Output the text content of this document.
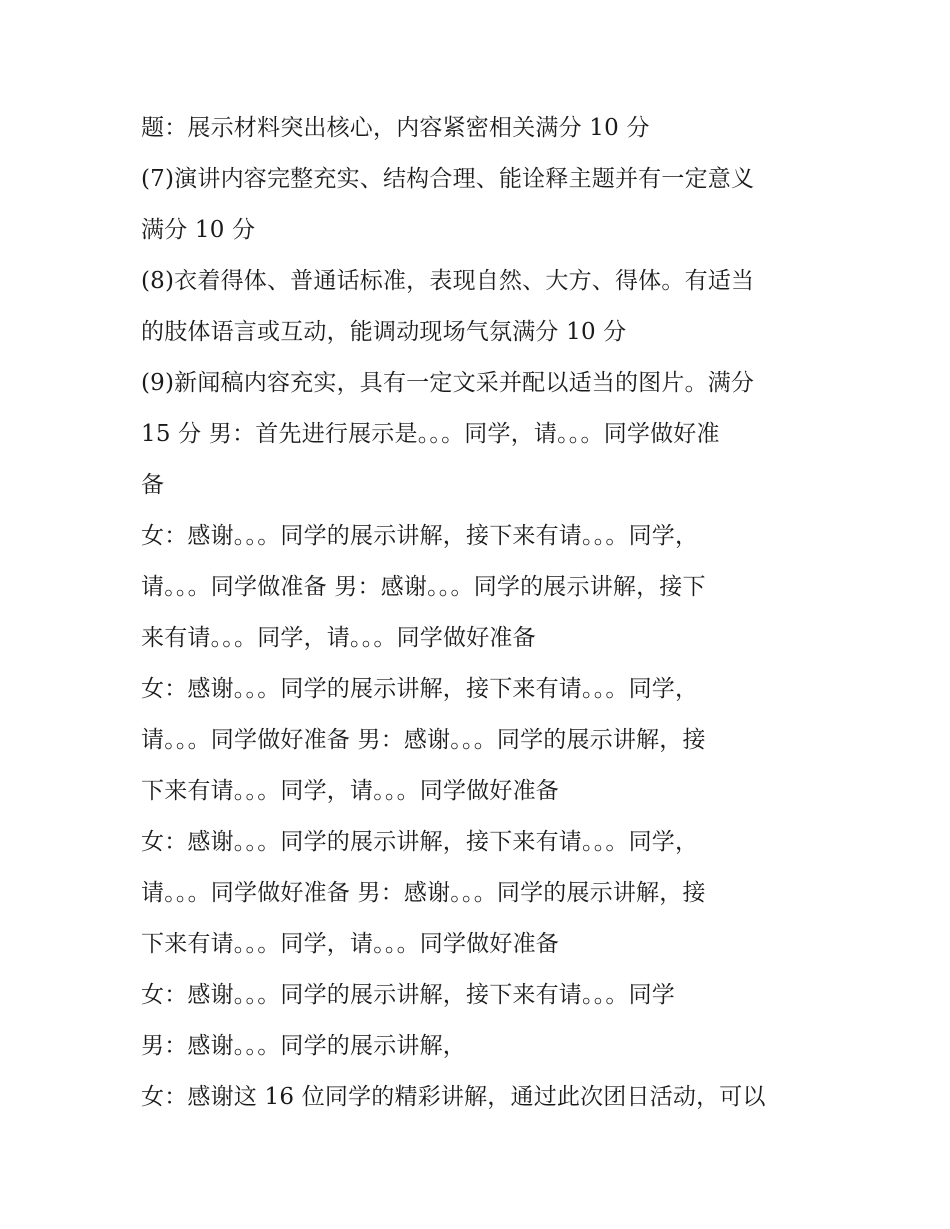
题：展示材料突出核心，内容紧密相关满分 10 分
(7)演讲内容完整充实、结构合理、能诠释主题并有一定意义
满分 10 分
(8)衣着得体、普通话标准，表现自然、大方、得体。有适当
的肢体语言或互动，能调动现场气氛满分 10 分
(9)新闻稿内容充实，具有一定文采并配以适当的图片。满分
15 分 男：首先进行展示是。。。同学，请。。。同学做好准
备
女：感谢。。。同学的展示讲解，接下来有请。。。同学，
请。。。同学做准备 男：感谢。。。同学的展示讲解，接下
来有请。。。同学，请。。。同学做好准备
女：感谢。。。同学的展示讲解，接下来有请。。。同学，
请。。。同学做好准备 男：感谢。。。同学的展示讲解，接
下来有请。。。同学，请。。。同学做好准备
女：感谢。。。同学的展示讲解，接下来有请。。。同学，
请。。。同学做好准备 男：感谢。。。同学的展示讲解，接
下来有请。。。同学，请。。。同学做好准备
女：感谢。。。同学的展示讲解，接下来有请。。。同学
男：感谢。。。同学的展示讲解，
女：感谢这 16 位同学的精彩讲解，通过此次团日活动，可以
